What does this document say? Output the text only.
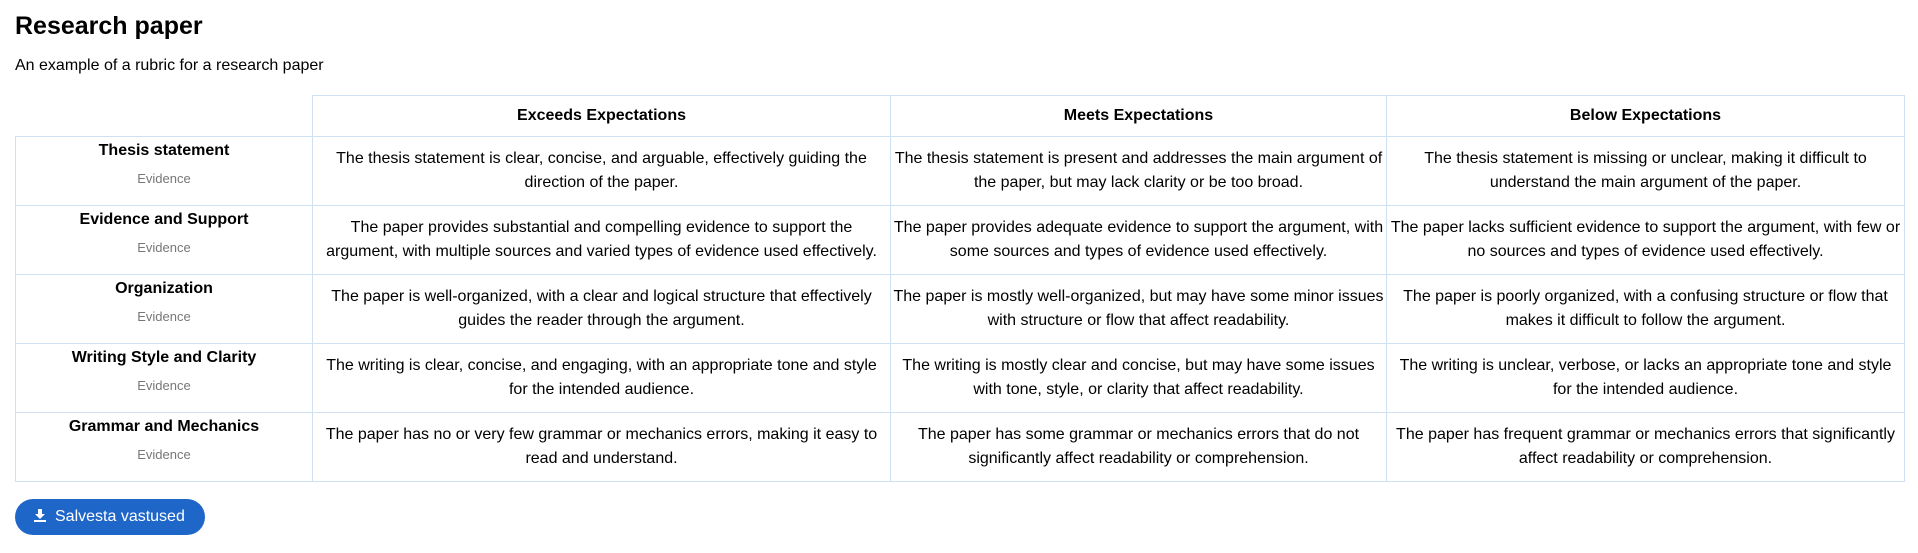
Research paper
An example of a rubric for a research paper
	Exceeds Expectations	Meets Expectations	Below Expectations

Thesis statement
Evidence	The thesis statement is clear, concise, and arguable, effectively guiding the direction of the paper.	The thesis statement is present and addresses the main argument of the paper, but may lack clarity or be too broad.	The thesis statement is missing or unclear, making it difficult to understand the main argument of the paper.

Evidence and Support
Evidence	The paper provides substantial and compelling evidence to support the argument, with multiple sources and varied types of evidence used effectively.	The paper provides adequate evidence to support the argument, with some sources and types of evidence used effectively.	The paper lacks sufficient evidence to support the argument, with few or no sources and types of evidence used effectively.

Organization
Evidence	The paper is well-organized, with a clear and logical structure that effectively guides the reader through the argument.	The paper is mostly well-organized, but may have some minor issues with structure or flow that affect readability.	The paper is poorly organized, with a confusing structure or flow that makes it difficult to follow the argument.

Writing Style and Clarity
Evidence	The writing is clear, concise, and engaging, with an appropriate tone and style for the intended audience.	The writing is mostly clear and concise, but may have some issues with tone, style, or clarity that affect readability.	The writing is unclear, verbose, or lacks an appropriate tone and style for the intended audience.

Grammar and Mechanics
Evidence	The paper has no or very few grammar or mechanics errors, making it easy to read and understand.	The paper has some grammar or mechanics errors that do not significantly affect readability or comprehension.	The paper has frequent grammar or mechanics errors that significantly affect readability or comprehension.
Salvesta vastused
